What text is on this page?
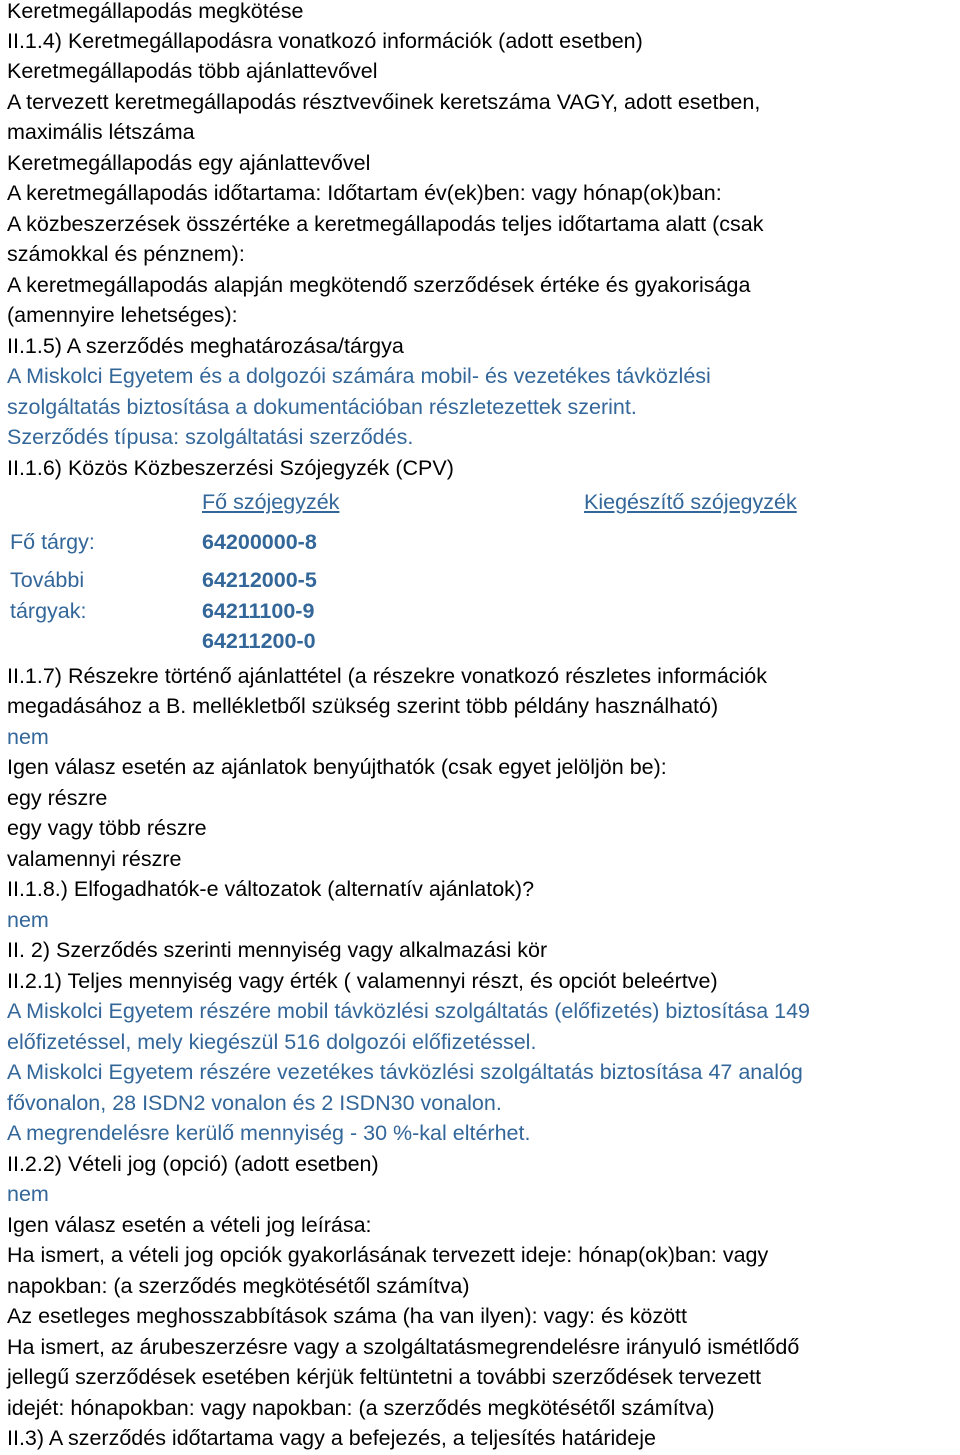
Keretmegállapodás megkötése

II.1.4) Keretmegállapodásra vonatkozó információk (adott esetben)

Keretmegállapodás több ajánlattevővel

A tervezett keretmegállapodás résztvevőinek keretszáma VAGY, adott esetben,

maximális létszáma

Keretmegállapodás egy ajánlattevővel

A keretmegállapodás időtartama: Időtartam év(ek)ben: vagy hónap(ok)ban:

A közbeszerzések összértéke a keretmegállapodás teljes időtartama alatt (csak

számokkal és pénznem):

A keretmegállapodás alapján megkötendő szerződések értéke és gyakorisága

(amennyire lehetséges):

II.1.5) A szerződés meghatározása/tárgya

A Miskolci Egyetem és a dolgozói számára mobil- és vezetékes távközlési

szolgáltatás biztosítása a dokumentációban részletezettek szerint.

Szerződés típusa: szolgáltatási szerződés.

II.1.6) Közös Közbeszerzési Szójegyzék (CPV)

Fő szójegyzék	Kiegészítő szójegyzék
Fő tárgy:	64200000-8
További
tárgyak:
64212000-5
64211100-9
64211200-0

II.1.7) Részekre történő ajánlattétel (a részekre vonatkozó részletes információk

megadásához a B. mellékletből szükség szerint több példány használható)

nem

Igen válasz esetén az ajánlatok benyújthatók (csak egyet jelöljön be):

egy részre

egy vagy több részre

valamennyi részre

II.1.8.) Elfogadhatók-e változatok (alternatív ajánlatok)?

nem

II. 2) Szerződés szerinti mennyiség vagy alkalmazási kör

II.2.1) Teljes mennyiség vagy érték ( valamennyi részt, és opciót beleértve)

A Miskolci Egyetem részére mobil távközlési szolgáltatás (előfizetés) biztosítása 149

előfizetéssel, mely kiegészül 516 dolgozói előfizetéssel.

A Miskolci Egyetem részére vezetékes távközlési szolgáltatás biztosítása 47 analóg

fővonalon, 28 ISDN2 vonalon és 2 ISDN30 vonalon.

A megrendelésre kerülő mennyiség - 30 %-kal eltérhet.

II.2.2) Vételi jog (opció) (adott esetben)

nem

Igen válasz esetén a vételi jog leírása:

Ha ismert, a vételi jog opciók gyakorlásának tervezett ideje: hónap(ok)ban: vagy

napokban: (a szerződés megkötésétől számítva)

Az esetleges meghosszabbítások száma (ha van ilyen): vagy: és között

Ha ismert, az árubeszerzésre vagy a szolgáltatásmegrendelésre irányuló ismétlődő

jellegű szerződések esetében kérjük feltüntetni a további szerződések tervezett

idejét: hónapokban: vagy napokban: (a szerződés megkötésétől számítva)

II.3) A szerződés időtartama vagy a befejezés, a teljesítés határideje
